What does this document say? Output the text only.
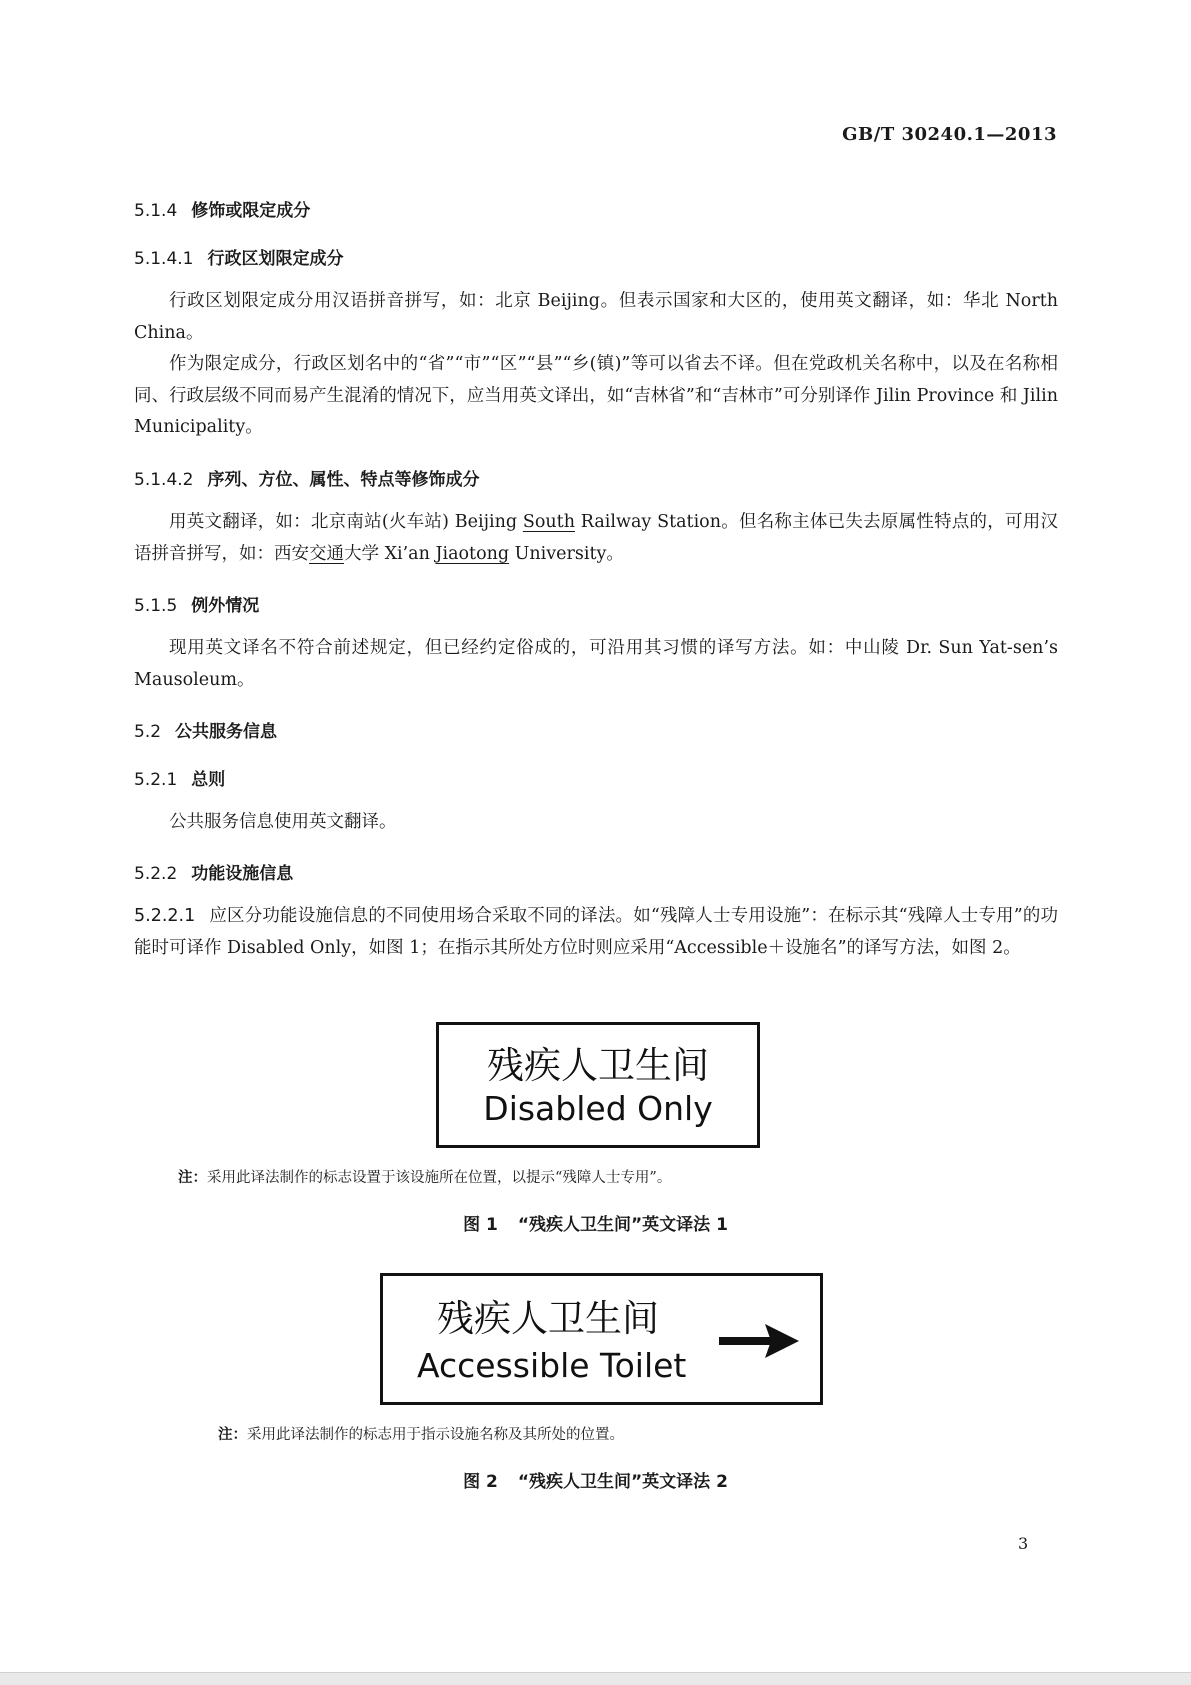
GB/T 30240.1—2013
5.1.4 修饰或限定成分
5.1.4.1 行政区划限定成分
行政区划限定成分用汉语拼音拼写，如：北京 Beijing。但表示国家和大区的，使用英文翻译，如：华北 North China。
作为限定成分，行政区划名中的“省”“市”“区”“县”“乡(镇)”等可以省去不译。但在党政机关名称中，以及在名称相同、行政层级不同而易产生混淆的情况下，应当用英文译出，如“吉林省”和“吉林市”可分别译作 Jilin Province 和 Jilin Municipality。
5.1.4.2 序列、方位、属性、特点等修饰成分
用英文翻译，如：北京南站(火车站) Beijing South Railway Station。但名称主体已失去原属性特点的，可用汉语拼音拼写，如：西安交通大学 Xi’an Jiaotong University。
5.1.5 例外情况
现用英文译名不符合前述规定，但已经约定俗成的，可沿用其习惯的译写方法。如：中山陵 Dr. Sun Yat-sen’s Mausoleum。
5.2 公共服务信息
5.2.1 总则
公共服务信息使用英文翻译。
5.2.2 功能设施信息
5.2.2.1 应区分功能设施信息的不同使用场合采取不同的译法。如“残障人士专用设施”：在标示其“残障人士专用”的功能时可译作 Disabled Only，如图 1；在指示其所处方位时则应采用“Accessible＋设施名”的译写方法，如图 2。
残疾人卫生间
Disabled Only
注：采用此译法制作的标志设置于该设施所在位置，以提示“残障人士专用”。
图 1 “残疾人卫生间”英文译法 1
残疾人卫生间
Accessible Toilet
注：采用此译法制作的标志用于指示设施名称及其所处的位置。
图 2 “残疾人卫生间”英文译法 2
3
